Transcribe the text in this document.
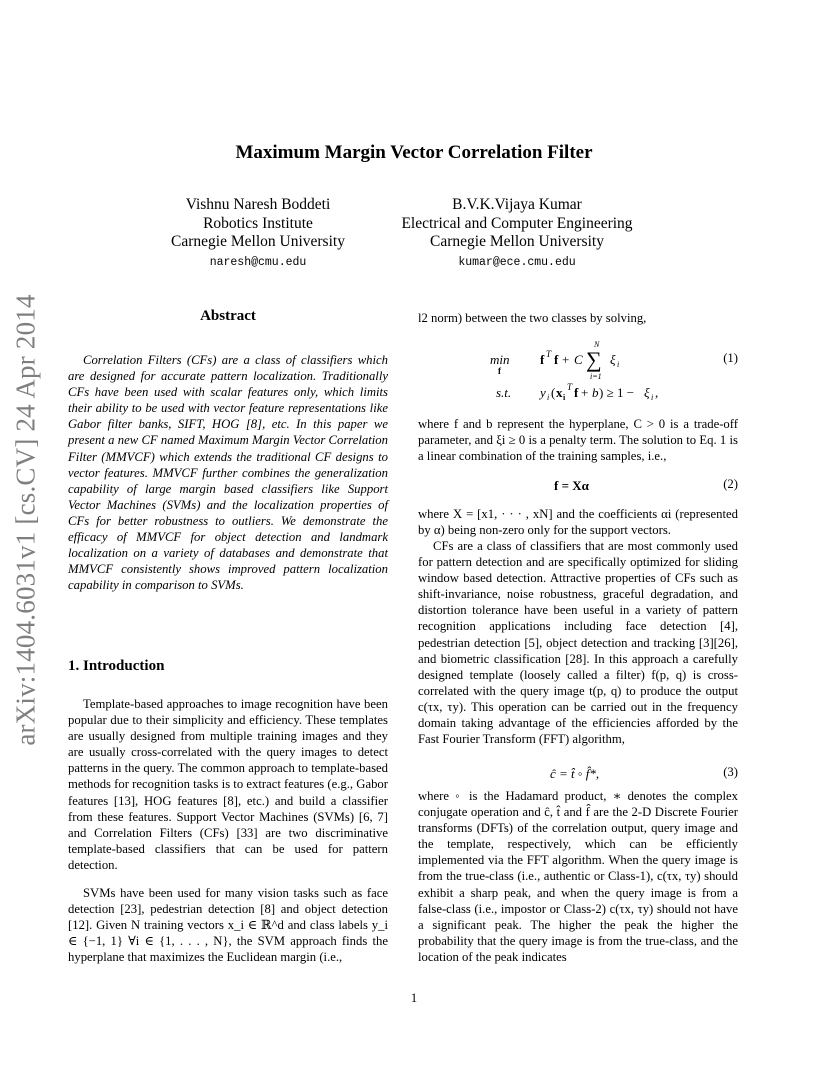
arXiv:1404.6031v1 [cs.CV] 24 Apr 2014
Maximum Margin Vector Correlation Filter
Vishnu Naresh Boddeti
Robotics Institute
Carnegie Mellon University
naresh@cmu.edu
B.V.K.Vijaya Kumar
Electrical and Computer Engineering
Carnegie Mellon University
kumar@ece.cmu.edu
Abstract

Correlation Filters (CFs) are a class of classifiers which are designed for accurate pattern localization. Traditionally CFs have been used with scalar features only, which limits their ability to be used with vector feature representations like Gabor filter banks, SIFT, HOG [8], etc. In this paper we present a new CF named Maximum Margin Vector Correlation Filter (MMVCF) which extends the traditional CF designs to vector features. MMVCF further combines the generalization capability of large margin based classifiers like Support Vector Machines (SVMs) and the localization properties of CFs for better robustness to outliers. We demonstrate the efficacy of MMVCF for object detection and landmark localization on a variety of databases and demonstrate that MMVCF consistently shows improved pattern localization capability in comparison to SVMs.

1. Introduction

Template-based approaches to image recognition have been popular due to their simplicity and efficiency. These templates are usually designed from multiple training images and they are usually cross-correlated with the query images to detect patterns in the query. The common approach to template-based methods for recognition tasks is to extract features (e.g., Gabor features [13], HOG features [8], etc.) and build a classifier from these features. Support Vector Machines (SVMs) [6, 7] and Correlation Filters (CFs) [33] are two discriminative template-based classifiers that can be used for pattern detection.

SVMs have been used for many vision tasks such as face detection [23], pedestrian detection [8] and object detection [12]. Given N training vectors x_i ∈ ℝ^d and class labels y_i ∈ {−1, 1} ∀i ∈ {1, . . . , N}, the SVM approach finds the hyperplane that maximizes the Euclidean margin (i.e.,

l2 norm) between the two classes by solving,

min
f
f T f + C
N
∑
i=1
ξ i
s.t. y i ( x i
T f + b ) ≥ 1 − ξ i ,
(1)

where f and b represent the hyperplane, C > 0 is a trade-off parameter, and ξi ≥ 0 is a penalty term. The solution to Eq. 1 is a linear combination of the training samples, i.e.,

f = Xα	(2)

where X = [x1, · · · , xN] and the coefficients αi (represented by α) being non-zero only for the support vectors.

CFs are a class of classifiers that are most commonly used for pattern detection and are specifically optimized for sliding window based detection. Attractive properties of CFs such as shift-invariance, noise robustness, graceful degradation, and distortion tolerance have been useful in a variety of pattern recognition applications including face detection [4], pedestrian detection [5], object detection and tracking [3][26], and biometric classification [28]. In this approach a carefully designed template (loosely called a filter) f(p, q) is cross-correlated with the query image t(p, q) to produce the output c(τx, τy). This operation can be carried out in the frequency domain taking advantage of the efficiencies afforded by the Fast Fourier Transform (FFT) algorithm,

ĉ = t̂ ◦ f̂*,	(3)

where ◦ is the Hadamard product, ∗ denotes the complex conjugate operation and ĉ, t̂ and f̂ are the 2-D Discrete Fourier transforms (DFTs) of the correlation output, query image and the template, respectively, which can be efficiently implemented via the FFT algorithm. When the query image is from the true-class (i.e., authentic or Class-1), c(τx, τy) should exhibit a sharp peak, and when the query image is from a false-class (i.e., impostor or Class-2) c(τx, τy) should not have a significant peak. The higher the peak the higher the probability that the query image is from the true-class, and the location of the peak indicates

1
